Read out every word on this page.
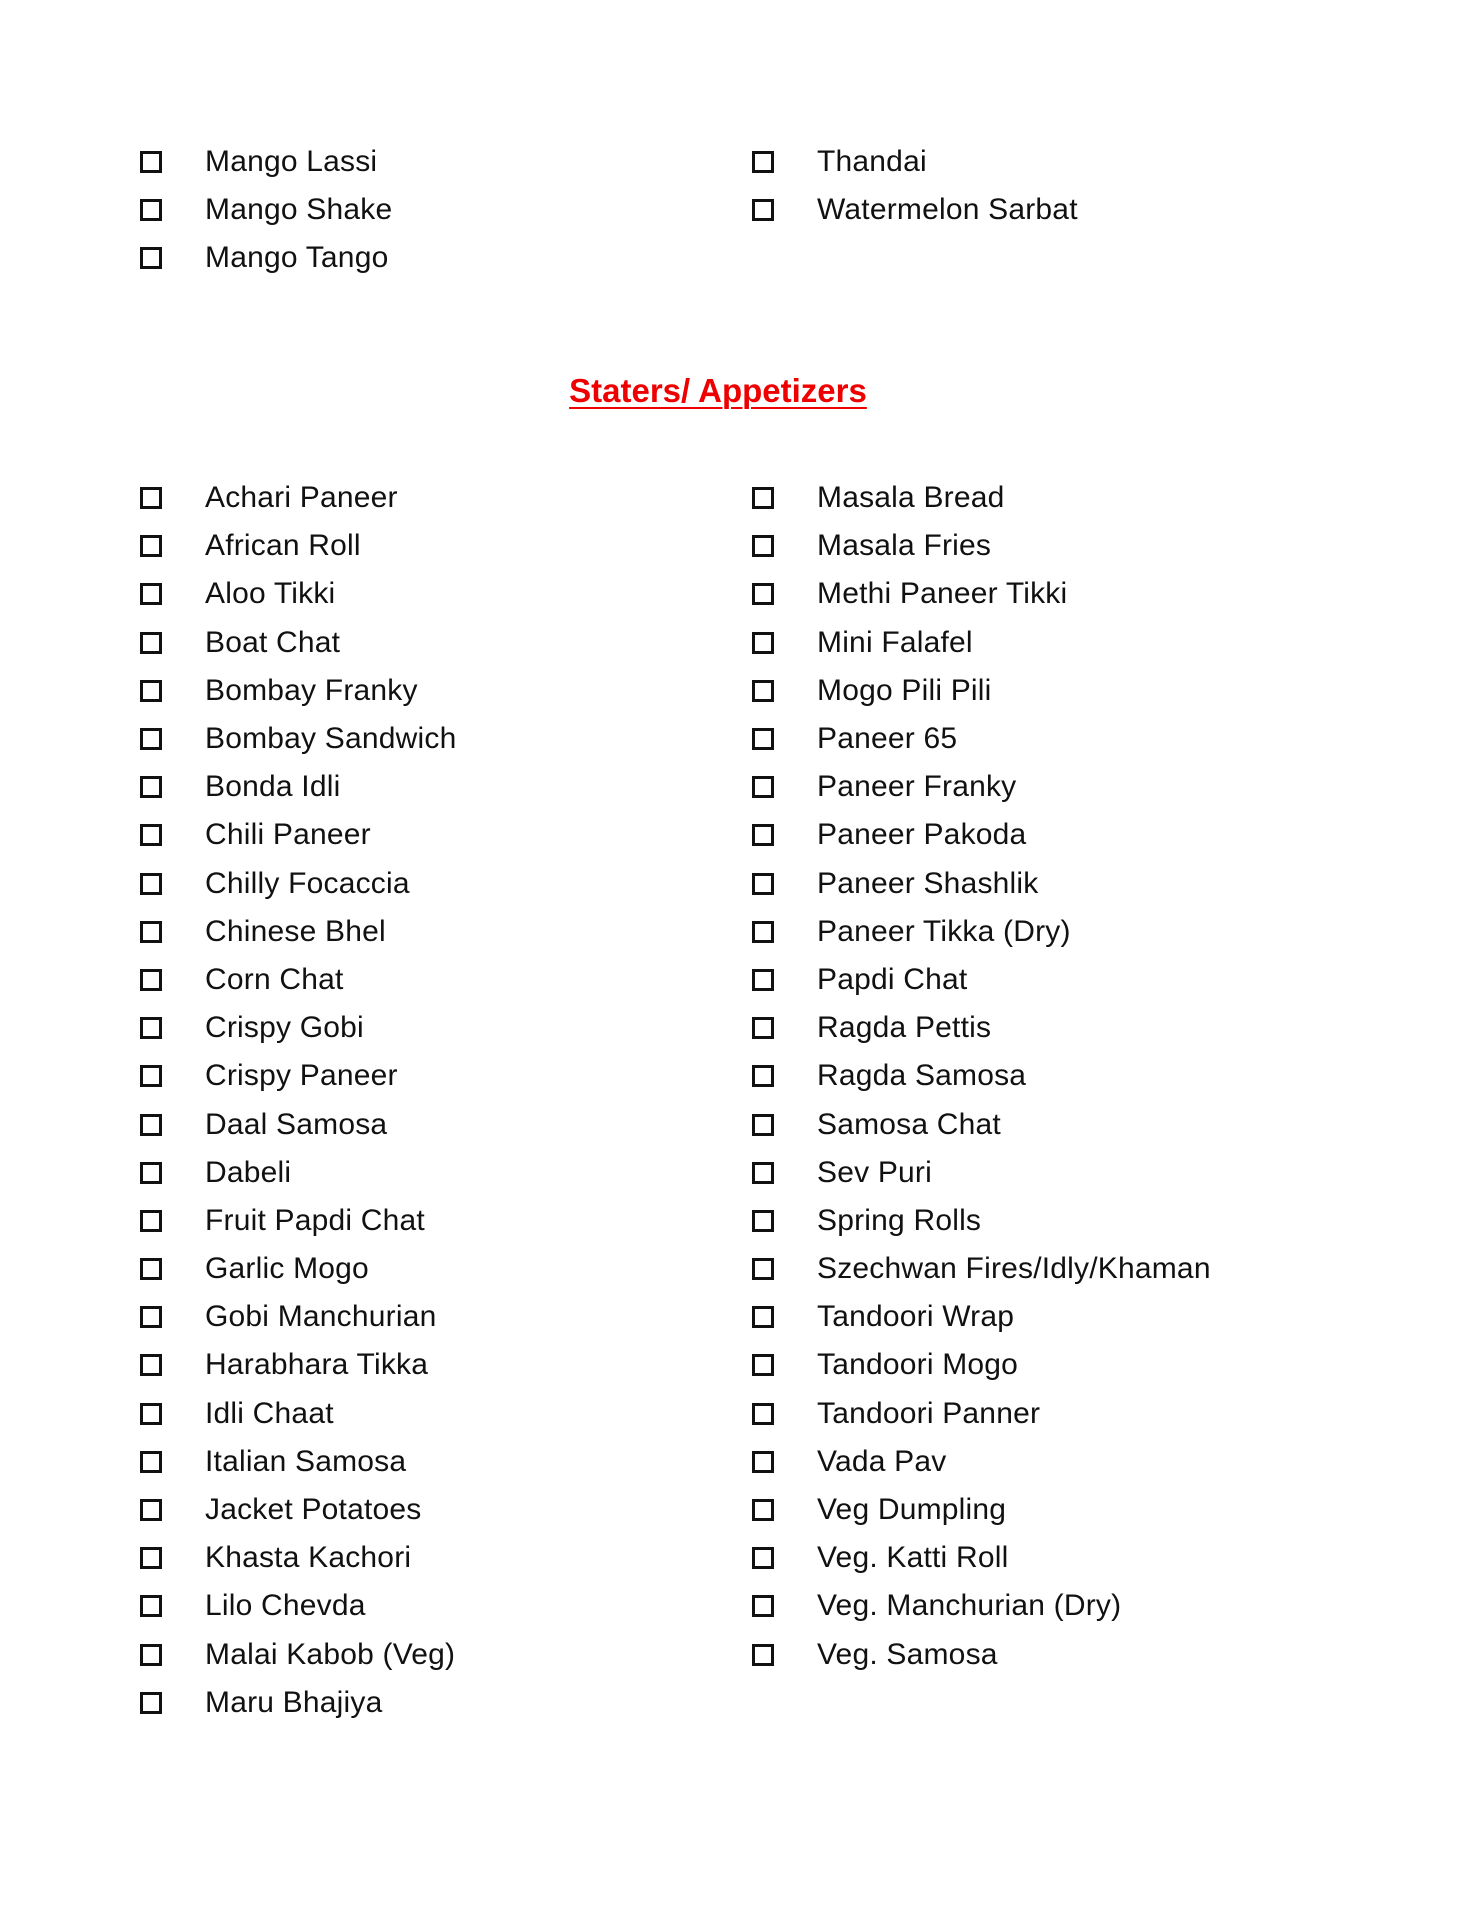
Mango Lassi
Mango Shake
Mango Tango
Thandai
Watermelon Sarbat
Staters/ Appetizers
Achari Paneer
African Roll
Aloo Tikki
Boat Chat
Bombay Franky
Bombay Sandwich
Bonda Idli
Chili Paneer
Chilly Focaccia
Chinese Bhel
Corn Chat
Crispy Gobi
Crispy Paneer
Daal Samosa
Dabeli
Fruit Papdi Chat
Garlic Mogo
Gobi Manchurian
Harabhara Tikka
Idli Chaat
Italian Samosa
Jacket Potatoes
Khasta Kachori
Lilo Chevda
Malai Kabob (Veg)
Maru Bhajiya
Masala Bread
Masala Fries
Methi Paneer Tikki
Mini Falafel
Mogo Pili Pili
Paneer 65
Paneer Franky
Paneer Pakoda
Paneer Shashlik
Paneer Tikka (Dry)
Papdi Chat
Ragda Pettis
Ragda Samosa
Samosa Chat
Sev Puri
Spring Rolls
Szechwan Fires/Idly/Khaman
Tandoori Wrap
Tandoori Mogo
Tandoori Panner
Vada Pav
Veg Dumpling
Veg. Katti Roll
Veg. Manchurian (Dry)
Veg. Samosa
